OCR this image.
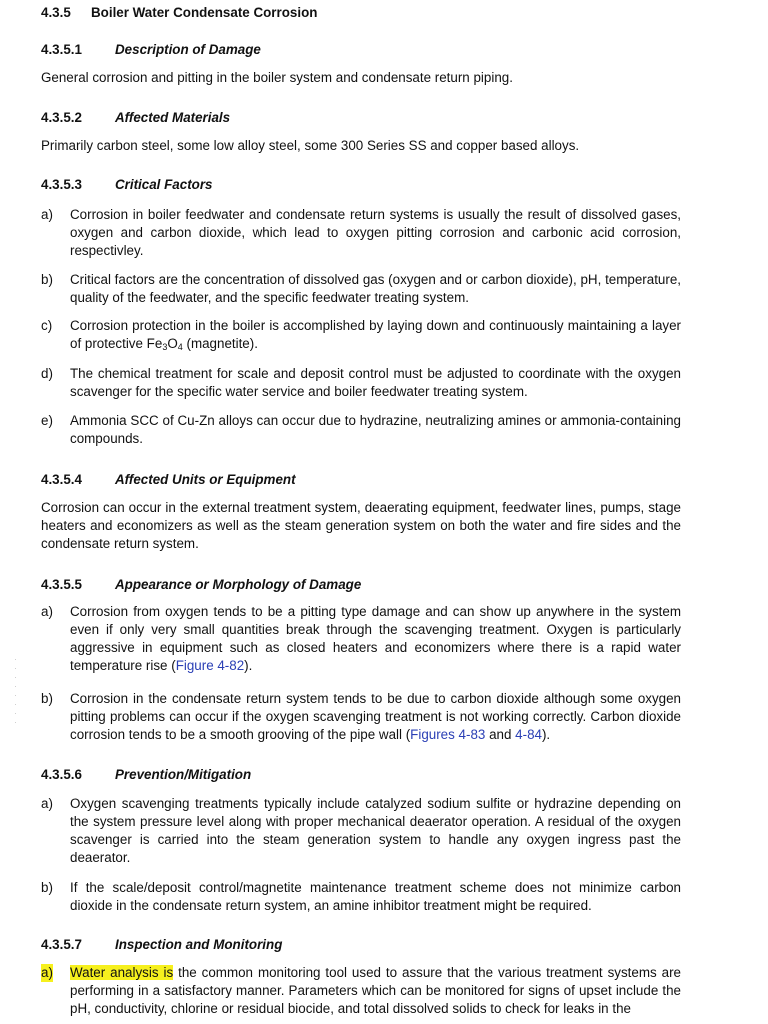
4.3.5 Boiler Water Condensate Corrosion
4.3.5.1 Description of Damage
General corrosion and pitting in the boiler system and condensate return piping.
4.3.5.2 Affected Materials
Primarily carbon steel, some low alloy steel, some 300 Series SS and copper based alloys.
4.3.5.3 Critical Factors
a) Corrosion in boiler feedwater and condensate return systems is usually the result of dissolved gases, oxygen and carbon dioxide, which lead to oxygen pitting corrosion and carbonic acid corrosion, respectivley.
b) Critical factors are the concentration of dissolved gas (oxygen and or carbon dioxide), pH, temperature, quality of the feedwater, and the specific feedwater treating system.
c) Corrosion protection in the boiler is accomplished by laying down and continuously maintaining a layer of protective $Fe_3O_4$ (magnetite).
d) The chemical treatment for scale and deposit control must be adjusted to coordinate with the oxygen scavenger for the specific water service and boiler feedwater treating system.
e) Ammonia SCC of Cu-Zn alloys can occur due to hydrazine, neutralizing amines or ammonia-containing compounds.
4.3.5.4 Affected Units or Equipment
Corrosion can occur in the external treatment system, deaerating equipment, feedwater lines, pumps, stage heaters and economizers as well as the steam generation system on both the water and fire sides and the condensate return system.
4.3.5.5 Appearance or Morphology of Damage
a) Corrosion from oxygen tends to be a pitting type damage and can show up anywhere in the system even if only very small quantities break through the scavenging treatment. Oxygen is particularly aggressive in equipment such as closed heaters and economizers where there is a rapid water temperature rise (Figure 4-82).
b) Corrosion in the condensate return system tends to be due to carbon dioxide although some oxygen pitting problems can occur if the oxygen scavenging treatment is not working correctly. Carbon dioxide corrosion tends to be a smooth grooving of the pipe wall (Figures 4-83 and 4-84).
4.3.5.6 Prevention/Mitigation
a) Oxygen scavenging treatments typically include catalyzed sodium sulfite or hydrazine depending on the system pressure level along with proper mechanical deaerator operation. A residual of the oxygen scavenger is carried into the steam generation system to handle any oxygen ingress past the deaerator.
b) If the scale/deposit control/magnetite maintenance treatment scheme does not minimize carbon dioxide in the condensate return system, an amine inhibitor treatment might be required.
4.3.5.7 Inspection and Monitoring
a) Water analysis is the common monitoring tool used to assure that the various treatment systems are performing in a satisfactory manner. Parameters which can be monitored for signs of upset include the pH, conductivity, chlorine or residual biocide, and total dissolved solids to check for leaks in the
·
·
·
·
·
·
·
·
